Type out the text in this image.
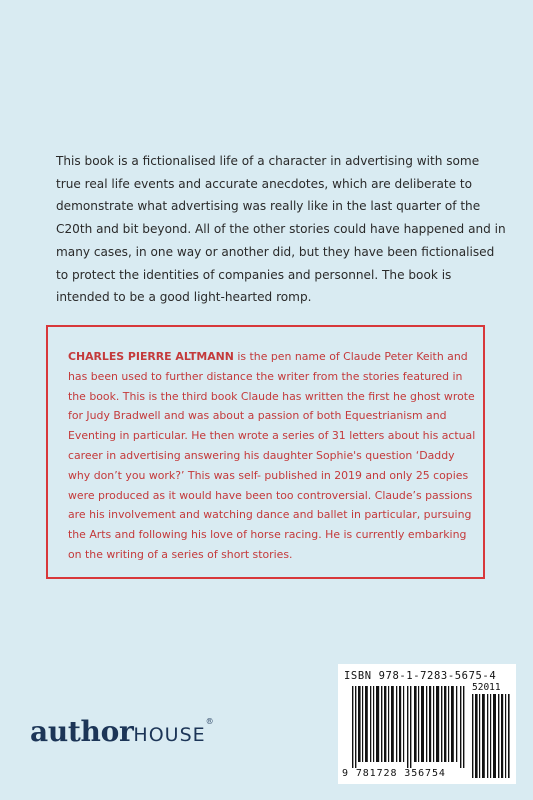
This book is a fictionalised life of a character in advertising with some true real life events and accurate anecdotes, which are deliberate to demonstrate what advertising was really like in the last quarter of the C20th and bit beyond. All of the other stories could have happened and in many cases, in one way or another did, but they have been fictionalised to protect the identities of companies and personnel. The book is intended to be a good light-hearted romp.

CHARLES PIERRE ALTMANN is the pen name of Claude Peter Keith and has been used to further distance the writer from the stories featured in the book. This is the third book Claude has written the first he ghost wrote for Judy Bradwell and was about a passion of both Equestrianism and Eventing in particular. He then wrote a series of 31 letters about his actual career in advertising answering his daughter Sophie's question ‘Daddy why don’t you work?’ This was self- published in 2019 and only 25 copies were produced as it would have been too controversial. Claude’s passions are his involvement and watching dance and ballet in particular, pursuing the Arts and following his love of horse racing. He is currently embarking on the writing of a series of short stories.

ISBN 978-1-7283-5675-4
52011
9 781728 356754
authorHOUSE®
